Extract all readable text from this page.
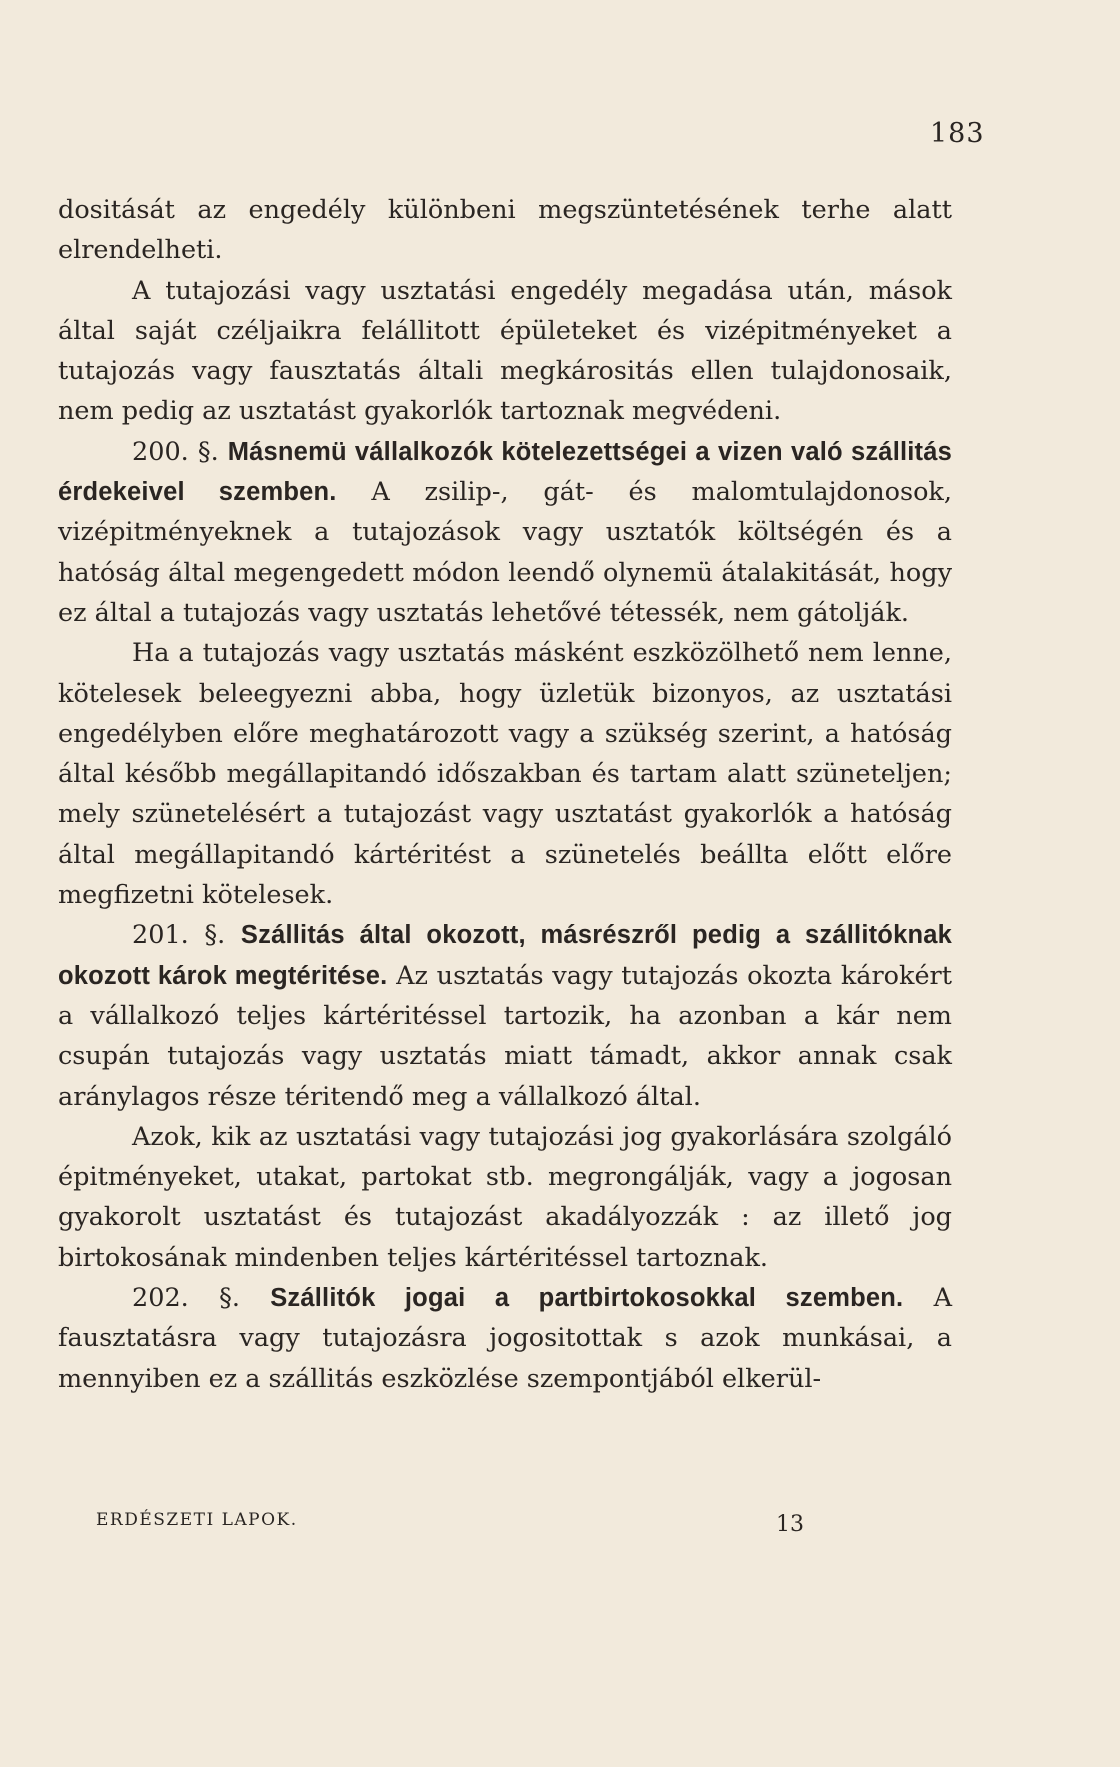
183

dositását az engedély különbeni megszüntetésének terhe alatt elrendelheti.

A tutajozási vagy usztatási engedély megadása után, mások által saját czéljaikra felállitott épületeket és vizépitményeket a tutajozás vagy fausztatás általi megkárositás ellen tulajdonosaik, nem pedig az usztatást gyakorlók tartoznak megvédeni.

200. §. Másnemü vállalkozók kötelezettségei a vizen való szállitás érdekeivel szemben. A zsilip-, gát- és malomtulajdonosok, vizépitményeknek a tutajozások vagy usztatók költségén és a hatóság által megengedett módon leendő olynemü átalakitását, hogy ez által a tutajozás vagy usztatás lehetővé tétessék, nem gátolják.

Ha a tutajozás vagy usztatás másként eszközölhető nem lenne, kötelesek beleegyezni abba, hogy üzletük bizonyos, az usztatási engedélyben előre meghatározott vagy a szükség szerint, a hatóság által később megállapitandó időszakban és tartam alatt szüneteljen; mely szünetelésért a tutajozást vagy usztatást gyakorlók a hatóság által megállapitandó kártéritést a szünetelés beállta előtt előre megfizetni kötelesek.

201. §. Szállitás által okozott, másrészről pedig a szállitóknak okozott károk megtéritése. Az usztatás vagy tutajozás okozta károkért a vállalkozó teljes kártéritéssel tartozik, ha azonban a kár nem csupán tutajozás vagy usztatás miatt támadt, akkor annak csak aránylagos része téritendő meg a vállalkozó által.

Azok, kik az usztatási vagy tutajozási jog gyakorlására szolgáló épitményeket, utakat, partokat stb. megrongálják, vagy a jogosan gyakorolt usztatást és tutajozást akadályozzák : az illető jog birtokosának mindenben teljes kártéritéssel tartoznak.

202. §. Szállitók jogai a partbirtokosokkal szemben. A fausztatásra vagy tutajozásra jogositottak s azok munkásai, a mennyiben ez a szállitás eszközlése szempontjából elkerül-

ERDÉSZETI LAPOK.	13
